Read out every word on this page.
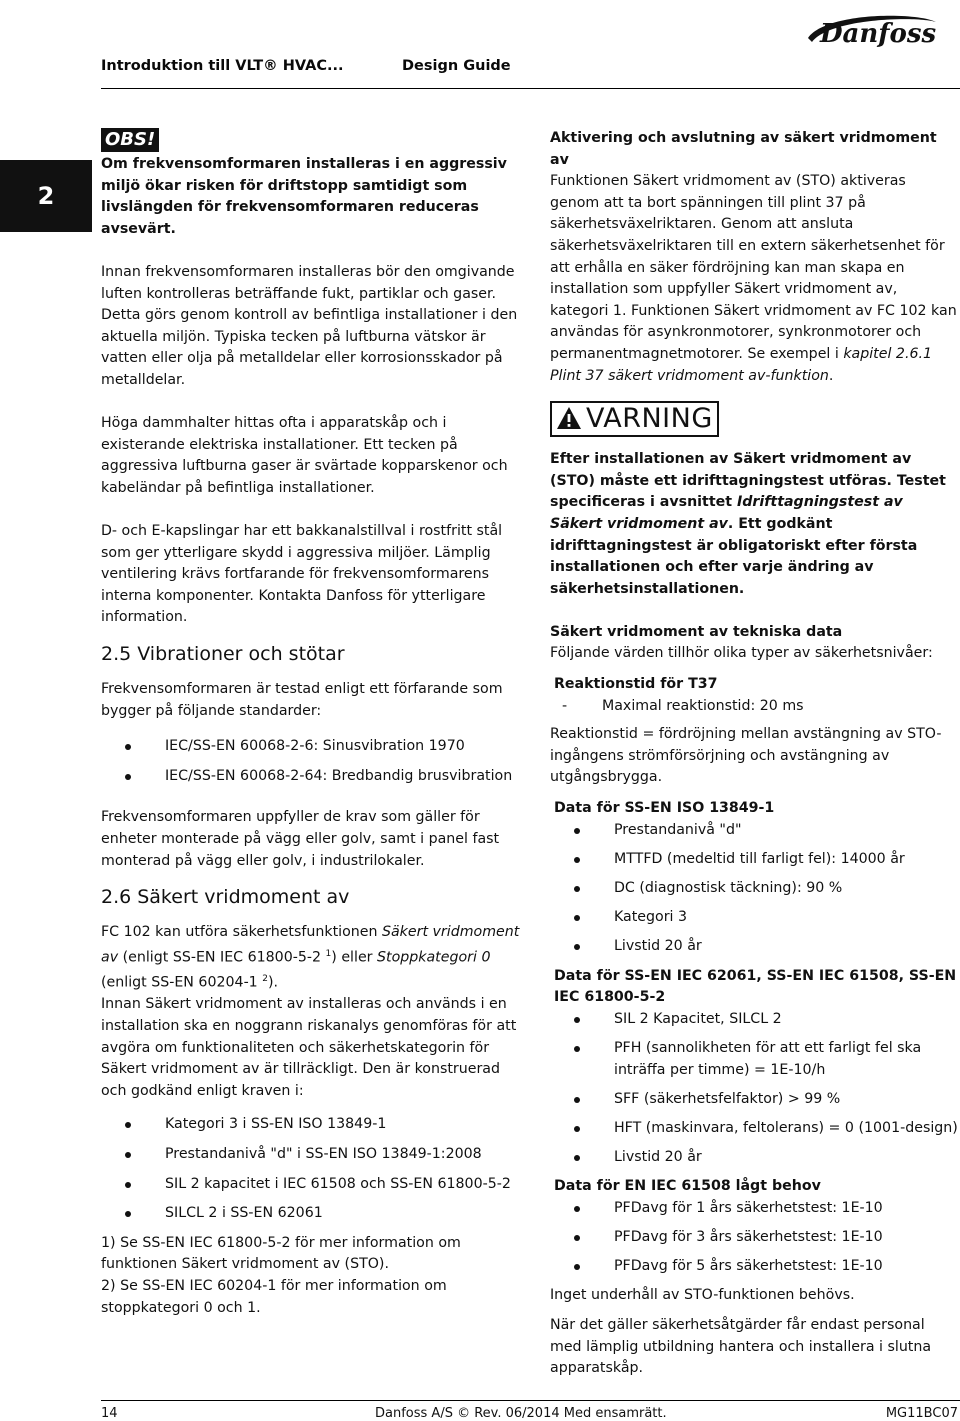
Introduktion till VLT® HVAC...	Design Guide
Danfoss
2
OBS!

Om frekvensomformaren installeras i en aggressiv miljö ökar risken för driftstopp samtidigt som livslängden för frekvensomformaren reduceras avsevärt.

Innan frekvensomformaren installeras bör den omgivande luften kontrolleras beträffande fukt, partiklar och gaser. Detta görs genom kontroll av befintliga installationer i den aktuella miljön. Typiska tecken på luftburna vätskor är vatten eller olja på metalldelar eller korrosionsskador på metalldelar.

Höga dammhalter hittas ofta i apparatskåp och i existerande elektriska installationer. Ett tecken på aggressiva luftburna gaser är svärtade kopparskenor och kabeländar på befintliga installationer.

D- och E-kapslingar har ett bakkanalstillval i rostfritt stål som ger ytterligare skydd i aggressiva miljöer. Lämplig ventilering krävs fortfarande för frekvensomformarens interna komponenter. Kontakta Danfoss för ytterligare information.

2.5 Vibrationer och stötar

Frekvensomformaren är testad enligt ett förfarande som bygger på följande standarder:

IEC/SS-EN 60068-2-6: Sinusvibration 1970
IEC/SS-EN 60068-2-64: Bredbandig brusvibration

Frekvensomformaren uppfyller de krav som gäller för enheter monterade på vägg eller golv, samt i panel fast monterad på vägg eller golv, i industrilokaler.

2.6 Säkert vridmoment av

FC 102 kan utföra säkerhetsfunktionen Säkert vridmoment av (enligt SS-EN IEC 61800-5-2 $^1$) eller Stoppkategori 0 (enligt SS-EN 60204-1 $^2$).

Innan Säkert vridmoment av installeras och används i en installation ska en noggrann riskanalys genomföras för att avgöra om funktionaliteten och säkerhetskategorin för Säkert vridmoment av är tillräckligt. Den är konstruerad och godkänd enligt kraven i:

Kategori 3 i SS-EN ISO 13849-1
Prestandanivå "d" i SS-EN ISO 13849-1:2008
SIL 2 kapacitet i IEC 61508 och SS-EN 61800-5-2
SILCL 2 i SS-EN 62061

1) Se SS-EN IEC 61800-5-2 för mer information om funktionen Säkert vridmoment av (STO).

2) Se SS-EN IEC 60204-1 för mer information om stoppkategori 0 och 1.

Aktivering och avslutning av säkert vridmoment av

Funktionen Säkert vridmoment av (STO) aktiveras genom att ta bort spänningen till plint 37 på säkerhetsväxelriktaren. Genom att ansluta säkerhetsväxelriktaren till en extern säkerhetsenhet för att erhålla en säker fördröjning kan man skapa en installation som uppfyller Säkert vridmoment av, kategori 1. Funktionen Säkert vridmoment av FC 102 kan användas för asynkronmotorer, synkronmotorer och permanentmagnetmotorer. Se exempel i kapitel 2.6.1 Plint 37 säkert vridmoment av-funktion.

VARNING

Efter installationen av Säkert vridmoment av (STO) måste ett idrifttagningstest utföras. Testet specificeras i avsnittet Idrifttagningstest av Säkert vridmoment av. Ett godkänt idrifttagningstest är obligatoriskt efter första installationen och efter varje ändring av säkerhetsinstallationen.

Säkert vridmoment av tekniska data

Följande värden tillhör olika typer av säkerhetsnivåer:

Reaktionstid för T37

- Maximal reaktionstid: 20 ms

Reaktionstid = fördröjning mellan avstängning av STO-ingångens strömförsörjning och avstängning av utgångsbrygga.

Data för SS-EN ISO 13849-1

Prestandanivå "d"
MTTFD (medeltid till farligt fel): 14000 år
DC (diagnostisk täckning): 90 %
Kategori 3
Livstid 20 år

Data för SS-EN IEC 62061, SS-EN IEC 61508, SS-EN IEC 61800-5-2

SIL 2 Kapacitet, SILCL 2
PFH (sannolikheten för att ett farligt fel ska inträffa per timme) = 1E-10/h
SFF (säkerhetsfelfaktor) > 99 %
HFT (maskinvara, feltolerans) = 0 (1001-design)
Livstid 20 år

Data för EN IEC 61508 lågt behov

PFDavg för 1 års säkerhetstest: 1E-10
PFDavg för 3 års säkerhetstest: 1E-10
PFDavg för 5 års säkerhetstest: 1E-10

Inget underhåll av STO-funktionen behövs.

När det gäller säkerhetsåtgärder får endast personal med lämplig utbildning hantera och installera i slutna apparatskåp.

14	Danfoss A/S © Rev. 06/2014 Med ensamrätt.	MG11BC07
